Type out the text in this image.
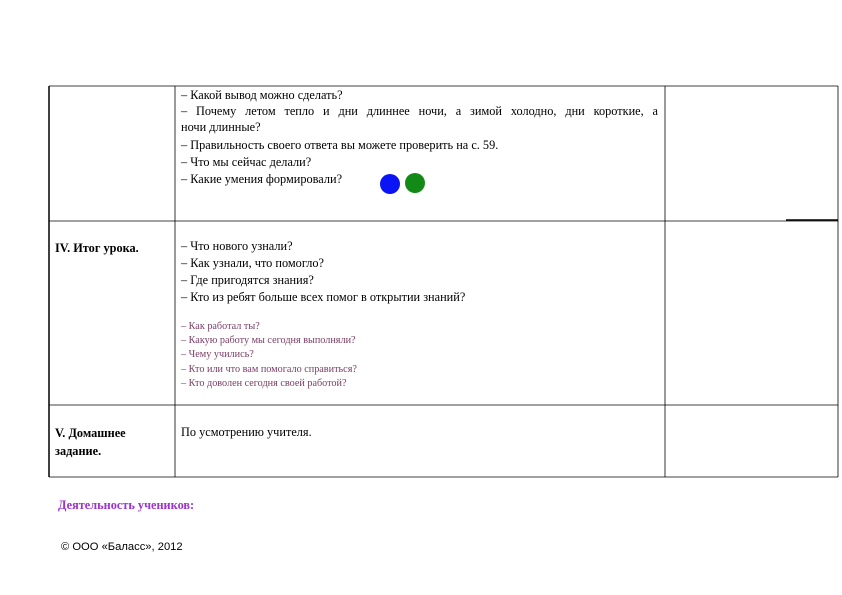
– Какой вывод можно сделать?
– Почему летом тепло и дни длиннее ночи, а зимой холодно, дни короткие, а
ночи длинные?
– Правильность своего ответа вы можете проверить на с. 59.
– Что мы сейчас делали?
– Какие умения формировали?
IV. Итог урока.	– Что нового узнали?
– Как узнали, что помогло?
– Где пригодятся знания?
– Кто из ребят больше всех помог в открытии знаний?
– Как работал ты?
– Какую работу мы сегодня выполняли?
– Чему учились?
– Кто или что вам помогало справиться?
– Кто доволен сегодня своей работой?
V. Домашнее
задание.
По усмотрению учителя.
Деятельность учеников:
© ООО «Баласс», 2012
